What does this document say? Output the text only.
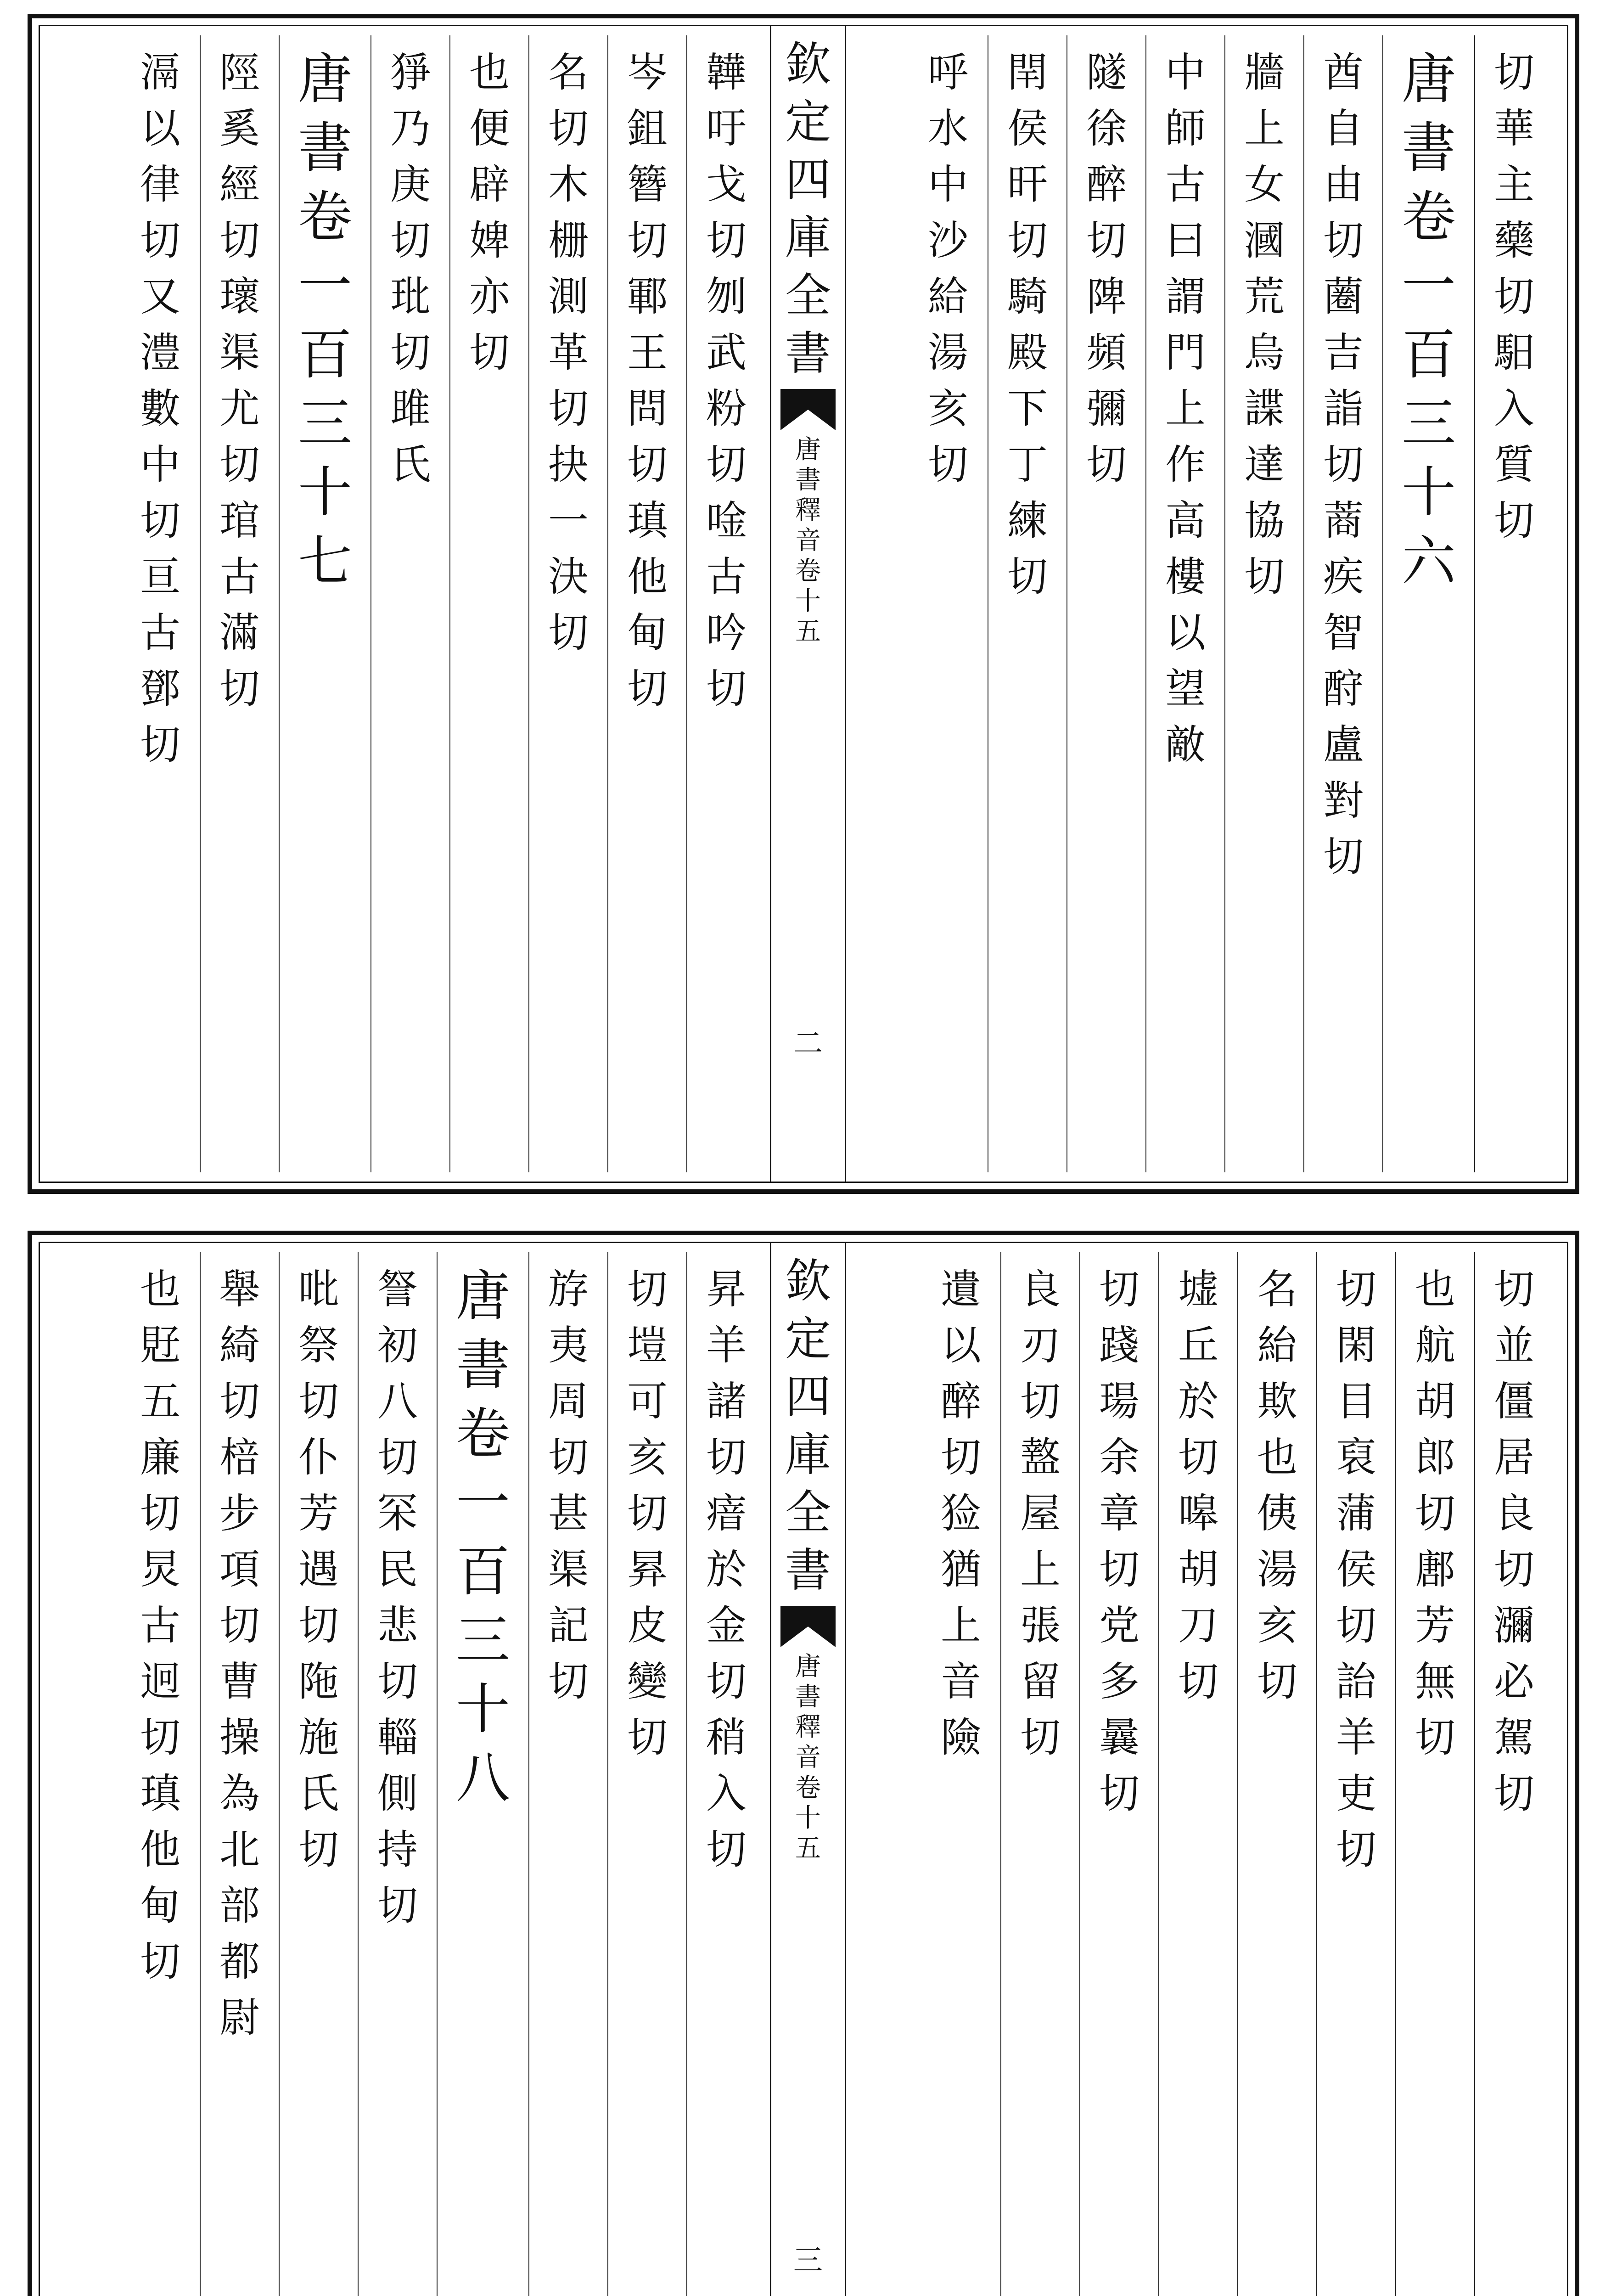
切
華
主
藥
切
馹
入
質
切
唐
書
卷
一
百
三
十
六
酋
自
由
切
蔨
吉
詣
切
蔏
疾
智
酧
盧
對
切
牆
上
女
漍
荒
烏
諜
達
協
切
中
師
古
曰
謂
門
上
作
高
樓
以
望
敵
隧
徐
醉
切
陴
頻
彌
切
閈
侯
旰
切
騎
殿
下
丁
練
切
呼
水
中
沙
給
湯
亥
切
欽
定
四
庫
全
書
唐
書
釋
音
卷
十
五
二
韡
吁
戈
切
刎
武
粉
切
唫
古
吟
切
岑
鉏
簪
切
鄆
王
問
切
瑱
他
甸
切
名
切
木
栅
測
革
切
抉
一
決
切
也
便
辟
婢
亦
切
猙
乃
庚
切
玭
切
雎
氏
唐
書
卷
一
百
三
十
七
陘
奚
經
切
瓌
渠
尤
切
琯
古
滿
切
滆
以
律
切
又
澧
數
中
切
亘
古
鄧
切
切
並
僵
居
良
切
瀰
必
駕
切
也
航
胡
郎
切
鄌
芳
無
切
切
閑
目
裒
蒲
侯
切
詒
羊
吏
切
名
紿
欺
也
侇
湯
亥
切
墟
丘
於
切
嗥
胡
刀
切
切
踐
瑒
余
章
切
党
多
曩
切
良
刃
切
盩
屋
上
張
留
切
遺
以
醉
切
猃
猶
上
音
險
欽
定
四
庫
全
書
唐
書
釋
音
卷
十
五
三
昇
羊
諸
切
瘖
於
金
切
稍
入
切
切
塏
可
亥
切
昪
皮
變
切
斿
夷
周
切
甚
渠
記
切
唐
書
卷
一
百
三
十
八
詧
初
八
切
罙
民
悲
切
輜
側
持
切
吡
祭
切
仆
芳
遇
切
陁
施
氏
切
舉
綺
切
棓
步
項
切
曹
操
為
北
部
都
尉
也
覎
五
廉
切
炅
古
迥
切
瑱
他
甸
切
